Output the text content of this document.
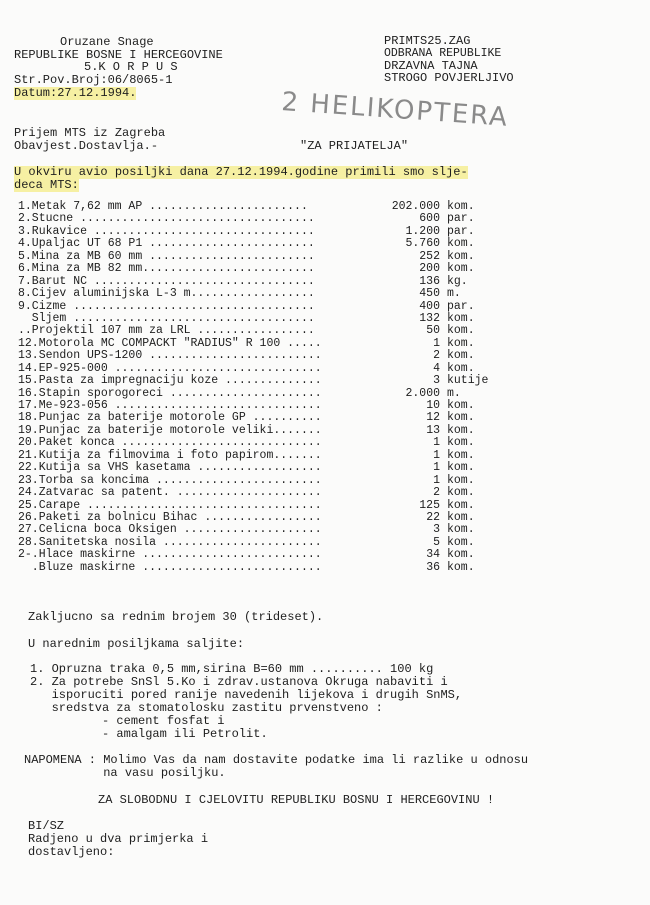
Oruzane Snage
REPUBLIKE BOSNE I HERCEGOVINE
5.K O R P U S
Str.Pov.Broj:06/8065-1
Datum:27.12.1994.
PRIMTS25.ZAG
ODBRANA REPUBLIKE
DRZAVNA TAJNA
STROGO POVJERLJIVO
2 HELIKOPTERA
Prijem MTS iz Zagreba
Obavjest.Dostavlja.-	"ZA PRIJATELJA"
U okviru avio posiljki dana 27.12.1994.godine primili smo slje-
deca MTS:
1.Metak 7,62 mm AP .......................	202.000 kom.
2.Stucne ..................................	600 par.
3.Rukavice ................................	1.200 par.
4.Upaljac UT 68 P1 ........................	5.760 kom.
5.Mina za MB 60 mm ........................	252 kom.
6.Mina za MB 82 mm.........................	200 kom.
7.Barut NC ................................	136 kg.
8.Cijev aluminijska L-3 m..................	450 m.
9.Cizme ...................................	400 par.
Sljem ...................................	132 kom.
..Projektil 107 mm za LRL .................	50 kom.
12.Motorola MC COMPACKT "RADIUS" R 100 .....	1 kom.
13.Sendon UPS-1200 .........................	2 kom.
14.EP-925-000 ..............................	4 kom.
15.Pasta za impregnaciju koze ..............	3 kutije
16.Stapin sporogoreci ......................	2.000 m.
17.Me-923-056 ..............................	10 kom.
18.Punjac za baterije motorole GP ..........	12 kom.
19.Punjac za baterije motorole veliki.......	13 kom.
20.Paket konca .............................	1 kom.
21.Kutija za filmovima i foto papirom.......	1 kom.
22.Kutija sa VHS kasetama ..................	1 kom.
23.Torba sa koncima ........................	1 kom.
24.Zatvarac sa patent. .....................	2 kom.
25.Carape ..................................	125 kom.
26.Paketi za bolnicu Bihac .................	22 kom.
27.Celicna boca Oksigen ....................	3 kom.
28.Sanitetska nosila .......................	5 kom.
2-.Hlace maskirne ..........................	34 kom.
.Bluze maskirne ..........................	36 kom.
Zakljucno sa rednim brojem 30 (trideset).
U narednim posiljkama saljite:
1. Opruzna traka 0,5 mm,sirina B=60 mm .......... 100 kg
2. Za potrebe SnSl 5.Ko i zdrav.ustanova Okruga nabaviti i
isporuciti pored ranije navedenih lijekova i drugih SnMS,
sredstva za stomatolosku zastitu prvenstveno :
- cement fosfat i
- amalgam ili Petrolit.
NAPOMENA : Molimo Vas da nam dostavite podatke ima li razlike u odnosu
na vasu posiljku.
ZA SLOBODNU I CJELOVITU REPUBLIKU BOSNU I HERCEGOVINU !
BI/SZ
Radjeno u dva primjerka i
dostavljeno:
